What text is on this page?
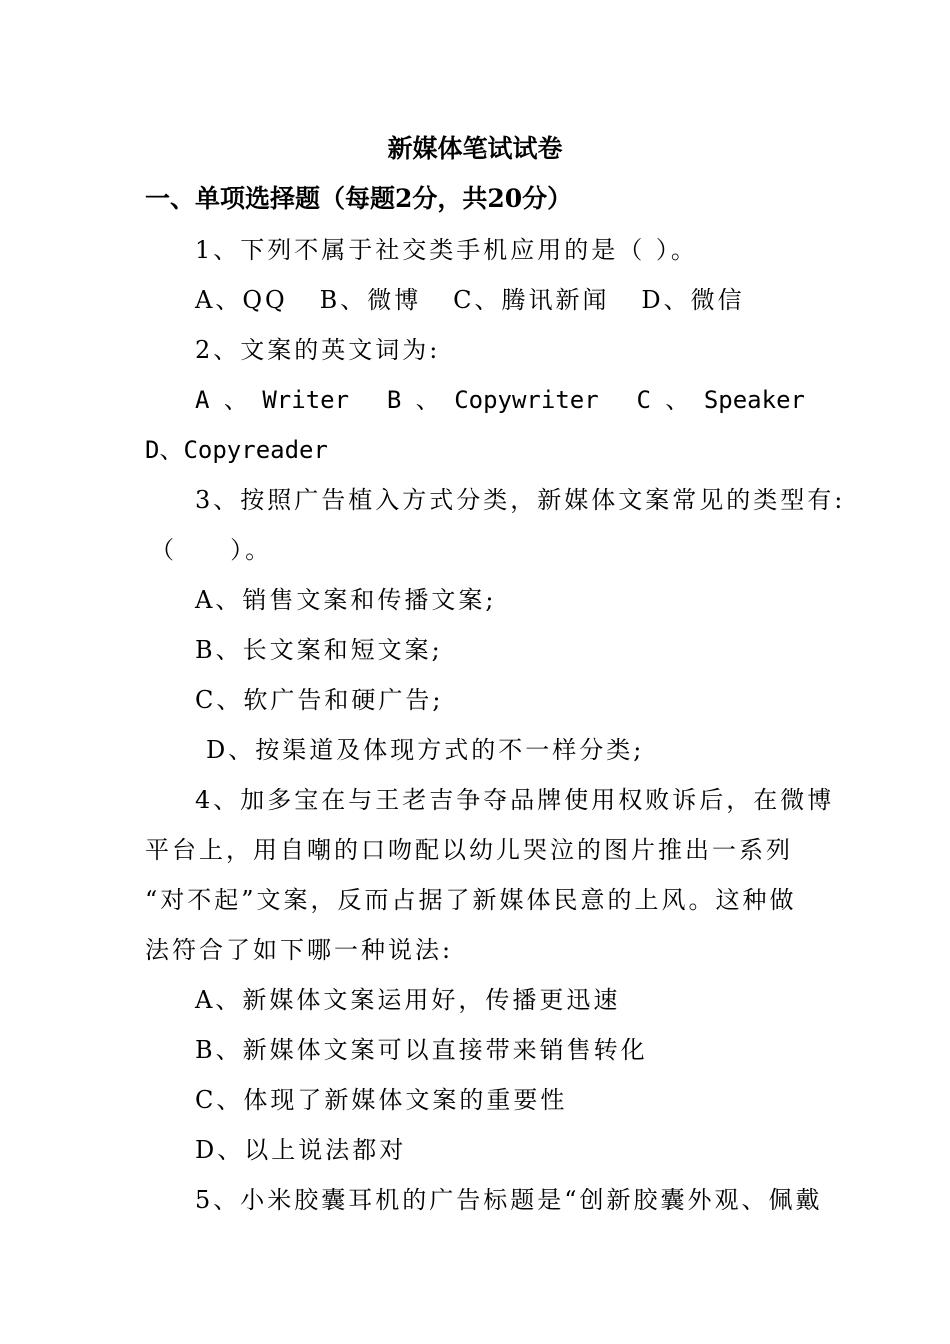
新媒体笔试试卷
一、单项选择题（每题2分，共20分）
1、下列不属于社交类手机应用的是（ ）。
A、QQ   B、微博   C、腾讯新闻   D、微信
2、文案的英文词为:
A 、 Writer B 、 Copywriter C 、 Speaker
D、Copyreader
3、按照广告植入方式分类，新媒体文案常见的类型有:
（     ）。
A、销售文案和传播文案;
B、长文案和短文案;
C、软广告和硬广告;
D、按渠道及体现方式的不一样分类;
4、加多宝在与王老吉争夺品牌使用权败诉后，在微博
平台上，用自嘲的口吻配以幼儿哭泣的图片推出一系列
“对不起”文案，反而占据了新媒体民意的上风。这种做
法符合了如下哪一种说法:
A、新媒体文案运用好，传播更迅速
B、新媒体文案可以直接带来销售转化
C、体现了新媒体文案的重要性
D、以上说法都对
5、小米胶囊耳机的广告标题是“创新胶囊外观、佩戴
